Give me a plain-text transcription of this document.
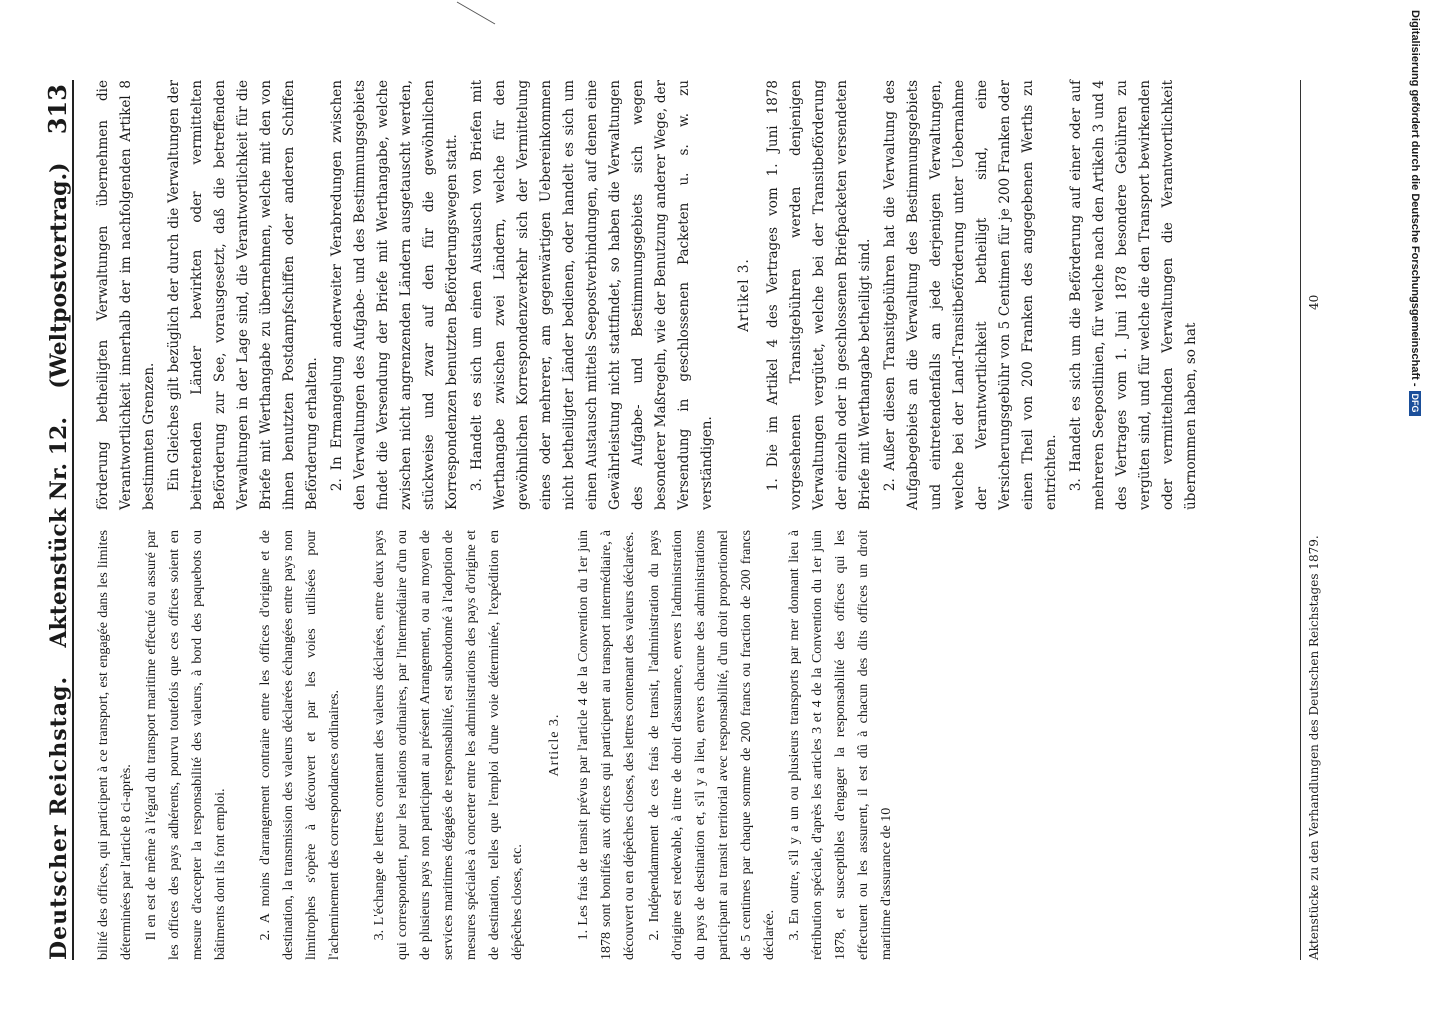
Deutscher Reichstag.
Aktenstück Nr. 12.
(Weltpostvertrag.)
313

bilité des offices, qui participent à ce transport, est engagée dans les limites déterminées par l'article 8 ci-après. Il en est de même à l'égard du transport maritime effectué ou assuré par les offices des pays adhérents, pourvu toutefois que ces offices soient en mesure d'accepter la responsabilité des valeurs, à bord des paquebots ou bâtiments dont ils font emploi. 2. A moins d'arrangement contraire entre les offices d'origine et de destination, la transmission des valeurs déclarées échangées entre pays non limitrophes s'opère à découvert et par les voies utilisées pour l'acheminement des correspondances ordinaires. 3. L'échange de lettres contenant des valeurs déclarées, entre deux pays qui correspondent, pour les relations ordinaires, par l'intermédiaire d'un ou de plusieurs pays non participant au présent Arrangement, ou au moyen de services maritimes dégagés de responsabilité, est subordonné à l'adoption de mesures spéciales à concerter entre les administrations des pays d'origine et de destination, telles que l'emploi d'une voie déterminée, l'expédition en dépêches closes, etc.

Article 3. 1. Les frais de transit prévus par l'article 4 de la Convention du 1er juin 1878 sont bonifiés aux offices qui participent au transport intermédiaire, à découvert ou en dépêches closes, des lettres contenant des valeurs déclarées. 2. Indépendamment de ces frais de transit, l'administration du pays d'origine est redevable, à titre de droit d'assurance, envers l'administration du pays de destination et, s'il y a lieu, envers chacune des administrations participant au transit territorial avec responsabilité, d'un droit proportionnel de 5 centimes par chaque somme de 200 francs ou fraction de 200 francs déclarée. 3. En outre, s'il y a un ou plusieurs transports par mer donnant lieu à rétribution spéciale, d'après les articles 3 et 4 de la Convention du 1er juin 1878, et susceptibles d'engager la responsabilité des offices qui les effectuent ou les assurent, il est dû à chacun des dits offices un droit maritime d'assurance de 10

förderung betheiligten Verwaltungen übernehmen die Verantwortlichkeit innerhalb der im nachfolgenden Artikel 8 bestimmten Grenzen. Ein Gleiches gilt bezüglich der durch die Verwaltungen der beitretenden Länder bewirkten oder vermittelten Beförderung zur See, vorausgesetzt, daß die betreffenden Verwaltungen in der Lage sind, die Verantwortlichkeit für die Briefe mit Werthangabe zu übernehmen, welche mit den von ihnen benutzten Postdampfschiffen oder anderen Schiffen Beförderung erhalten. 2. In Ermangelung anderweiter Verabredungen zwischen den Verwaltungen des Aufgabe- und des Bestimmungsgebiets findet die Versendung der Briefe mit Werthangabe, welche zwischen nicht angrenzenden Ländern ausgetauscht werden, stückweise und zwar auf den für die gewöhnlichen Korrespondenzen benutzten Beförderungswegen statt. 3. Handelt es sich um einen Austausch von Briefen mit Werthangabe zwischen zwei Ländern, welche für den gewöhnlichen Korrespondenzverkehr sich der Vermittelung eines oder mehrerer, am gegenwärtigen Uebereinkommen nicht betheiligter Länder bedienen, oder handelt es sich um einen Austausch mittels Seepostverbindungen, auf denen eine Gewährleistung nicht stattfindet, so haben die Verwaltungen des Aufgabe- und Bestimmungsgebiets sich wegen besonderer Maßregeln, wie der Benutzung anderer Wege, der Versendung in geschlossenen Packeten u. s. w. zu verständigen.

Artikel 3. 1. Die im Artikel 4 des Vertrages vom 1. Juni 1878 vorgesehenen Transitgebühren werden denjenigen Verwaltungen vergütet, welche bei der Transitbeförderung der einzeln oder in geschlossenen Briefpacketen versendeten Briefe mit Werthangabe betheiligt sind. 2. Außer diesen Transitgebühren hat die Verwaltung des Aufgabegebiets an die Verwaltung des Bestimmungsgebiets und eintretendenfalls an jede derjenigen Verwaltungen, welche bei der Land-Transitbeförderung unter Uebernahme der Verantwortlichkeit betheiligt sind, eine Versicherungsgebühr von 5 Centimen für je 200 Franken oder einen Theil von 200 Franken des angegebenen Werths zu entrichten. 3. Handelt es sich um die Beförderung auf einer oder auf mehreren Seepostlinien, für welche nach den Artikeln 3 und 4 des Vertrages vom 1. Juni 1878 besondere Gebühren zu vergüten sind, und für welche die den Transport bewirkenden oder vermittelnden Verwaltungen die Verantwortlichkeit übernommen haben, so hat

Aktenstücke zu den Verhandlungen des Deutschen Reichstages 1879.
40	Digitalisierung gefördert durch die Deutsche Forschungsgemeinschaft -
DFG
